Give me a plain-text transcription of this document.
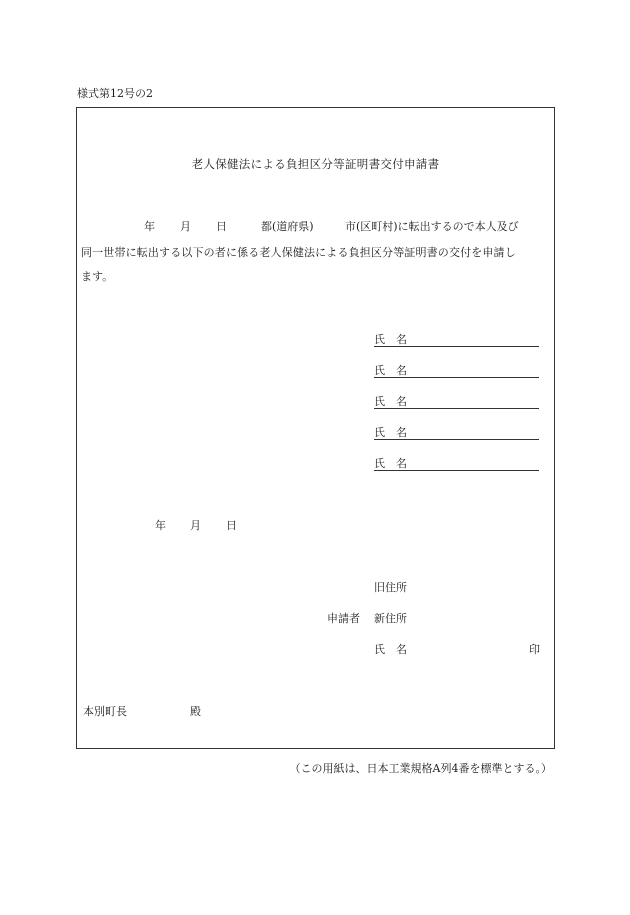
様式第12号の2
老人保健法による負担区分等証明書交付申請書
年 月 日	都(道府県)	市(区町村)に転出するので本人及び
同一世帯に転出する以下の者に係る老人保健法による負担区分等証明書の交付を申請し
ます。
氏　名
氏　名
氏　名
氏　名
氏　名
年 月 日
旧住所
申請者 新住所
氏　名	印
本別町長	殿
（この用紙は、日本工業規格A列4番を標準とする。）
